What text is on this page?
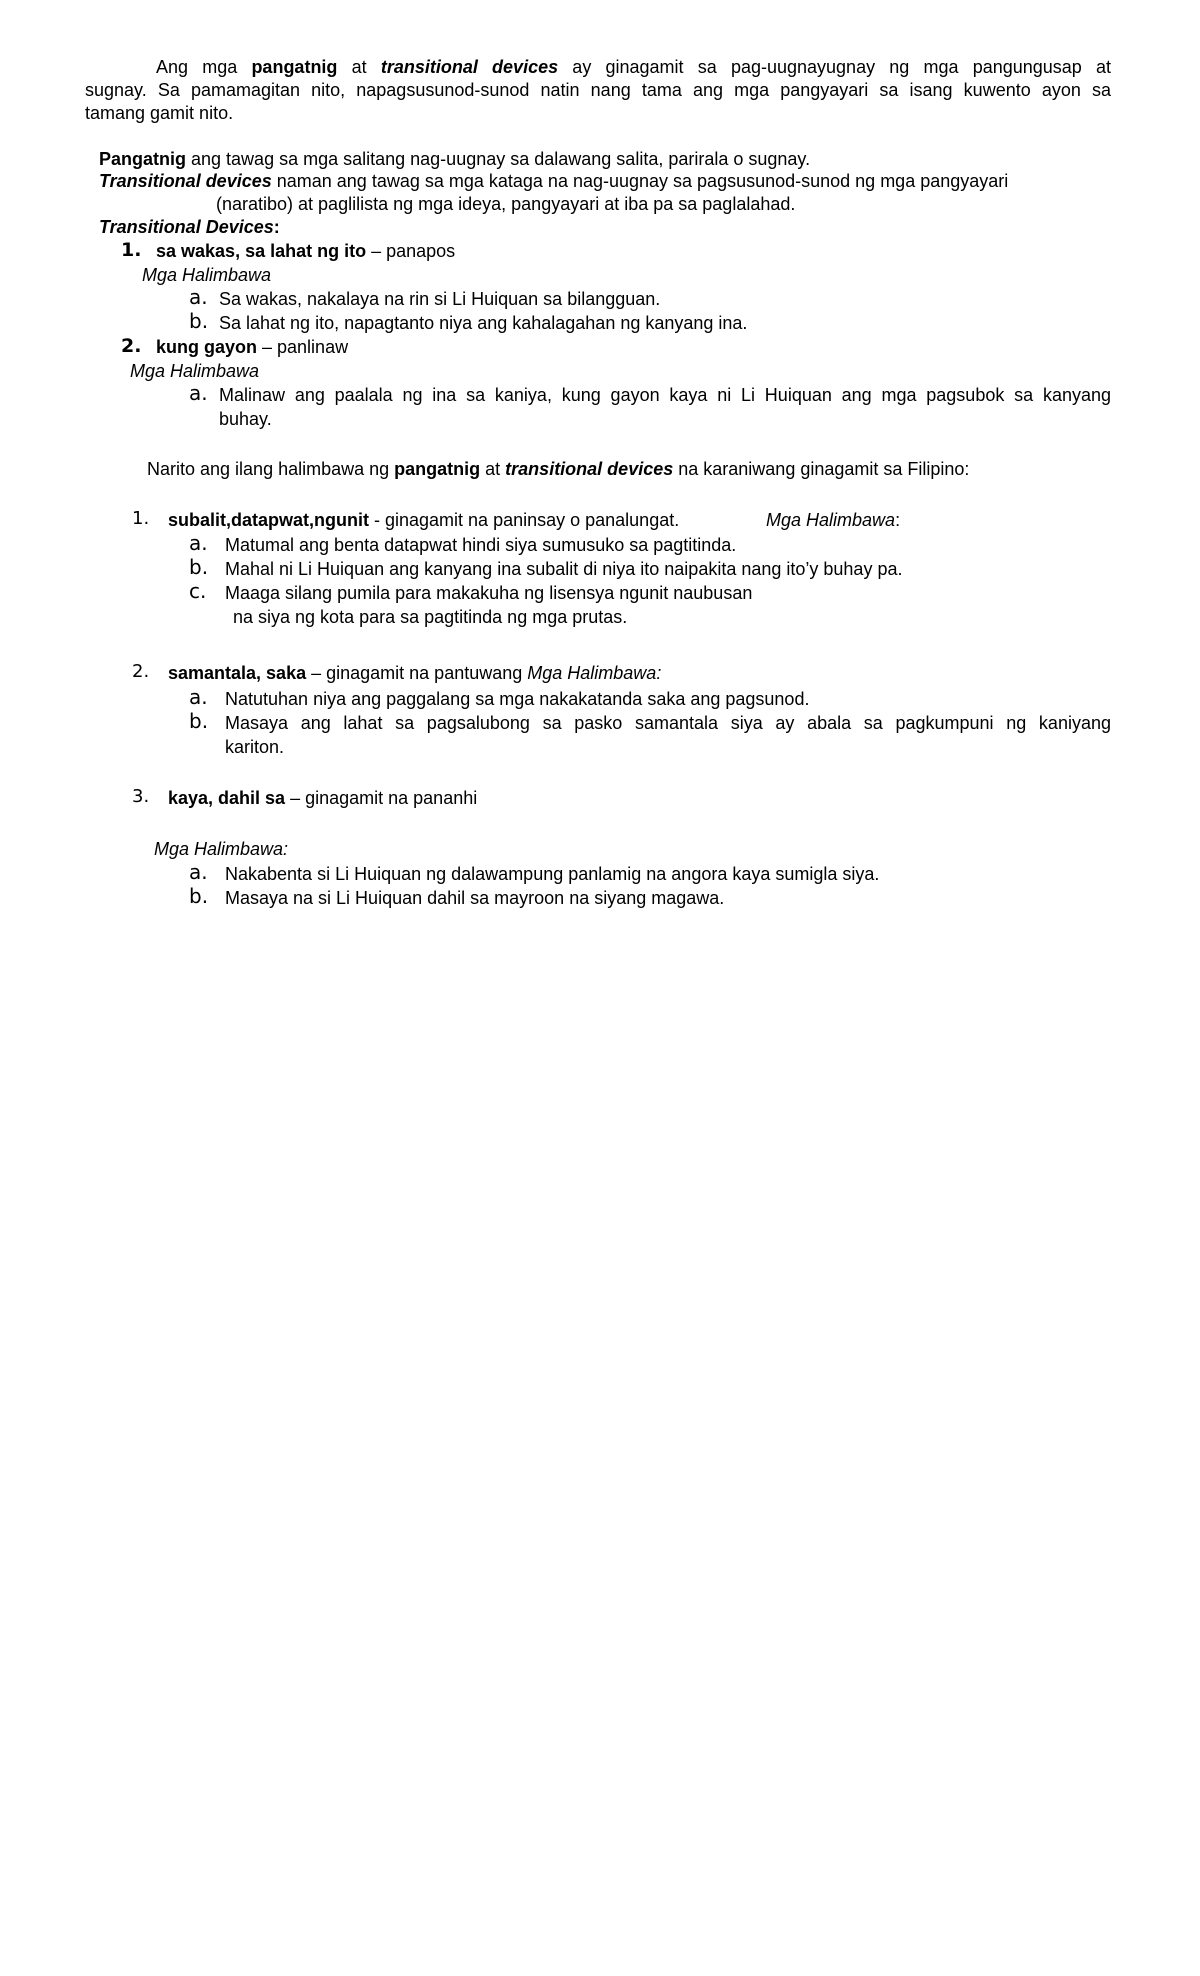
Ang mga pangatnig at transitional devices ay ginagamit sa pag-uugnayugnay ng mga pangungusap at
sugnay. Sa pamamagitan nito, napagsusunod-sunod natin nang tama ang mga pangyayari sa isang kuwento ayon sa
tamang gamit nito.
Pangatnig ang tawag sa mga salitang nag-uugnay sa dalawang salita, parirala o sugnay.
Transitional devices naman ang tawag sa mga kataga na nag-uugnay sa pagsusunod-sunod ng mga pangyayari
(naratibo) at paglilista ng mga ideya, pangyayari at iba pa sa paglalahad.
Transitional Devices:
1. sa wakas, sa lahat ng ito – panapos
Mga Halimbawa
a. Sa wakas, nakalaya na rin si Li Huiquan sa bilangguan.
b. Sa lahat ng ito, napagtanto niya ang kahalagahan ng kanyang ina.
2. kung gayon – panlinaw
Mga Halimbawa
a. Malinaw ang paalala ng ina sa kaniya, kung gayon kaya ni Li Huiquan ang mga pagsubok sa kanyang
buhay.
Narito ang ilang halimbawa ng pangatnig at transitional devices na karaniwang ginagamit sa Filipino:
1. subalit,datapwat,ngunit - ginagamit na paninsay o panalungat.	Mga Halimbawa:
a. Matumal ang benta datapwat hindi siya sumusuko sa pagtitinda.
b. Mahal ni Li Huiquan ang kanyang ina subalit di niya ito naipakita nang ito’y buhay pa.
c. Maaga silang pumila para makakuha ng lisensya ngunit naubusan
na siya ng kota para sa pagtitinda ng mga prutas.
2. samantala, saka – ginagamit na pantuwang Mga Halimbawa:
a. Natutuhan niya ang paggalang sa mga nakakatanda saka ang pagsunod.
b. Masaya ang lahat sa pagsalubong sa pasko samantala siya ay abala sa pagkumpuni ng kaniyang
kariton.
3. kaya, dahil sa – ginagamit na pananhi
Mga Halimbawa:
a. Nakabenta si Li Huiquan ng dalawampung panlamig na angora kaya sumigla siya.
b. Masaya na si Li Huiquan dahil sa mayroon na siyang magawa.
